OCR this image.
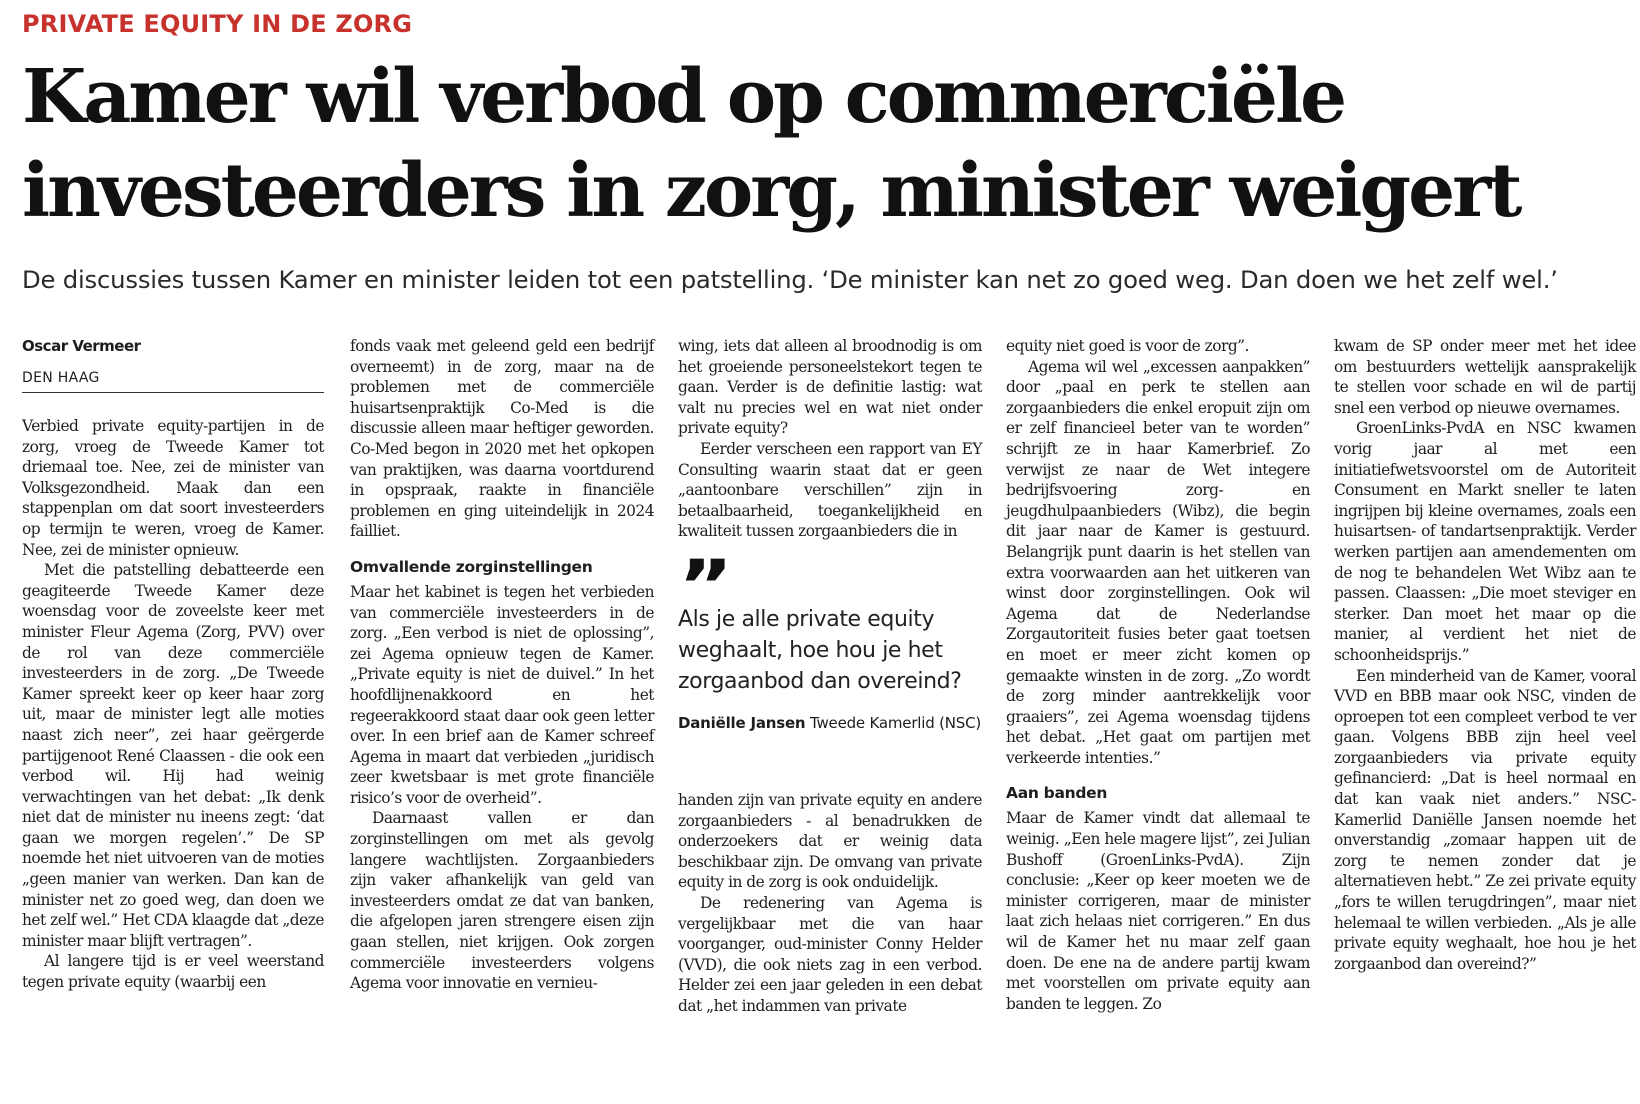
PRIVATE EQUITY IN DE ZORG
Kamer wil verbod op commerciële
investeerders in zorg, minister weigert
De discussies tussen Kamer en minister leiden tot een patstelling. ‘De minister kan net zo goed weg. Dan doen we het zelf wel.’
Oscar Vermeer
DEN HAAG

Verbied private equity-partijen in de zorg, vroeg de Tweede Kamer tot driemaal toe. Nee, zei de minister van Volksgezondheid. Maak dan een stappenplan om dat soort investeerders op termijn te weren, vroeg de Kamer. Nee, zei de minister opnieuw.

Met die patstelling debatteerde een geagiteerde Tweede Kamer deze woensdag voor de zoveelste keer met minister Fleur Agema (Zorg, PVV) over de rol van deze commerciële investeerders in de zorg. „De Tweede Kamer spreekt keer op keer haar zorg uit, maar de minister legt alle moties naast zich neer”, zei haar geërgerde partijgenoot René Claassen - die ook een verbod wil. Hij had weinig verwachtingen van het debat: „Ik denk niet dat de minister nu ineens zegt: ‘dat gaan we morgen regelen’.” De SP noemde het niet uitvoeren van de moties „geen manier van werken. Dan kan de minister net zo goed weg, dan doen we het zelf wel.” Het CDA klaagde dat „deze minister maar blijft vertragen”.

Al langere tijd is er veel weerstand tegen private equity (waarbij een

fonds vaak met geleend geld een bedrijf overneemt) in de zorg, maar na de problemen met de commerciële huisartsenpraktijk Co-Med is die discussie alleen maar heftiger geworden. Co-Med begon in 2020 met het opkopen van praktijken, was daarna voortdurend in opspraak, raakte in financiële problemen en ging uiteindelijk in 2024 failliet.

Omvallende zorginstellingen

Maar het kabinet is tegen het verbieden van commerciële investeerders in de zorg. „Een verbod is niet de oplossing”, zei Agema opnieuw tegen de Kamer. „Private equity is niet de duivel.” In het hoofdlijnenakkoord en het regeerakkoord staat daar ook geen letter over. In een brief aan de Kamer schreef Agema in maart dat verbieden „juridisch zeer kwetsbaar is met grote financiële risico’s voor de overheid”.

Daarnaast vallen er dan zorginstellingen om met als gevolg langere wachtlijsten. Zorgaanbieders zijn vaker afhankelijk van geld van investeerders omdat ze dat van banken, die afgelopen jaren strengere eisen zijn gaan stellen, niet krijgen. Ook zorgen commerciële investeerders volgens Agema voor innovatie en vernieu-

wing, iets dat alleen al broodnodig is om het groeiende personeelstekort tegen te gaan. Verder is de definitie lastig: wat valt nu precies wel en wat niet onder private equity?

Eerder verscheen een rapport van EY Consulting waarin staat dat er geen „aantoonbare verschillen” zijn in betaalbaarheid, toegankelijkheid en kwaliteit tussen zorgaanbieders die in

”
Als je alle private equity weghaalt, hoe hou je het zorgaanbod dan overeind?
Daniëlle Jansen Tweede Kamerlid (NSC)

handen zijn van private equity en andere zorgaanbieders - al benadrukken de onderzoekers dat er weinig data beschikbaar zijn. De omvang van private equity in de zorg is ook onduidelijk.

De redenering van Agema is vergelijkbaar met die van haar voorganger, oud-minister Conny Helder (VVD), die ook niets zag in een verbod. Helder zei een jaar geleden in een debat dat „het indammen van private

equity niet goed is voor de zorg”.

Agema wil wel „excessen aanpakken” door „paal en perk te stellen aan zorgaanbieders die enkel eropuit zijn om er zelf financieel beter van te worden” schrijft ze in haar Kamerbrief. Zo verwijst ze naar de Wet integere bedrijfsvoering zorg- en jeugdhulpaanbieders (Wibz), die begin dit jaar naar de Kamer is gestuurd. Belangrijk punt daarin is het stellen van extra voorwaarden aan het uitkeren van winst door zorginstellingen. Ook wil Agema dat de Nederlandse Zorgautoriteit fusies beter gaat toetsen en moet er meer zicht komen op gemaakte winsten in de zorg. „Zo wordt de zorg minder aantrekkelijk voor graaiers”, zei Agema woensdag tijdens het debat. „Het gaat om partijen met verkeerde intenties.”

Aan banden

Maar de Kamer vindt dat allemaal te weinig. „Een hele magere lijst”, zei Julian Bushoff (GroenLinks-PvdA). Zijn conclusie: „Keer op keer moeten we de minister corrigeren, maar de minister laat zich helaas niet corrigeren.” En dus wil de Kamer het nu maar zelf gaan doen. De ene na de andere partij kwam met voorstellen om private equity aan banden te leggen. Zo

kwam de SP onder meer met het idee om bestuurders wettelijk aansprakelijk te stellen voor schade en wil de partij snel een verbod op nieuwe overnames.

GroenLinks-PvdA en NSC kwamen vorig jaar al met een initiatiefwetsvoorstel om de Autoriteit Consument en Markt sneller te laten ingrijpen bij kleine overnames, zoals een huisartsen- of tandartsenpraktijk. Verder werken partijen aan amendementen om de nog te behandelen Wet Wibz aan te passen. Claassen: „Die moet steviger en sterker. Dan moet het maar op die manier, al verdient het niet de schoonheidsprijs.”

Een minderheid van de Kamer, vooral VVD en BBB maar ook NSC, vinden de oproepen tot een compleet verbod te ver gaan. Volgens BBB zijn heel veel zorgaanbieders via private equity gefinancierd: „Dat is heel normaal en dat kan vaak niet anders.” NSC-Kamerlid Daniëlle Jansen noemde het onverstandig „zomaar happen uit de zorg te nemen zonder dat je alternatieven hebt.” Ze zei private equity „fors te willen terugdringen”, maar niet helemaal te willen verbieden. „Als je alle private equity weghaalt, hoe hou je het zorgaanbod dan overeind?”
